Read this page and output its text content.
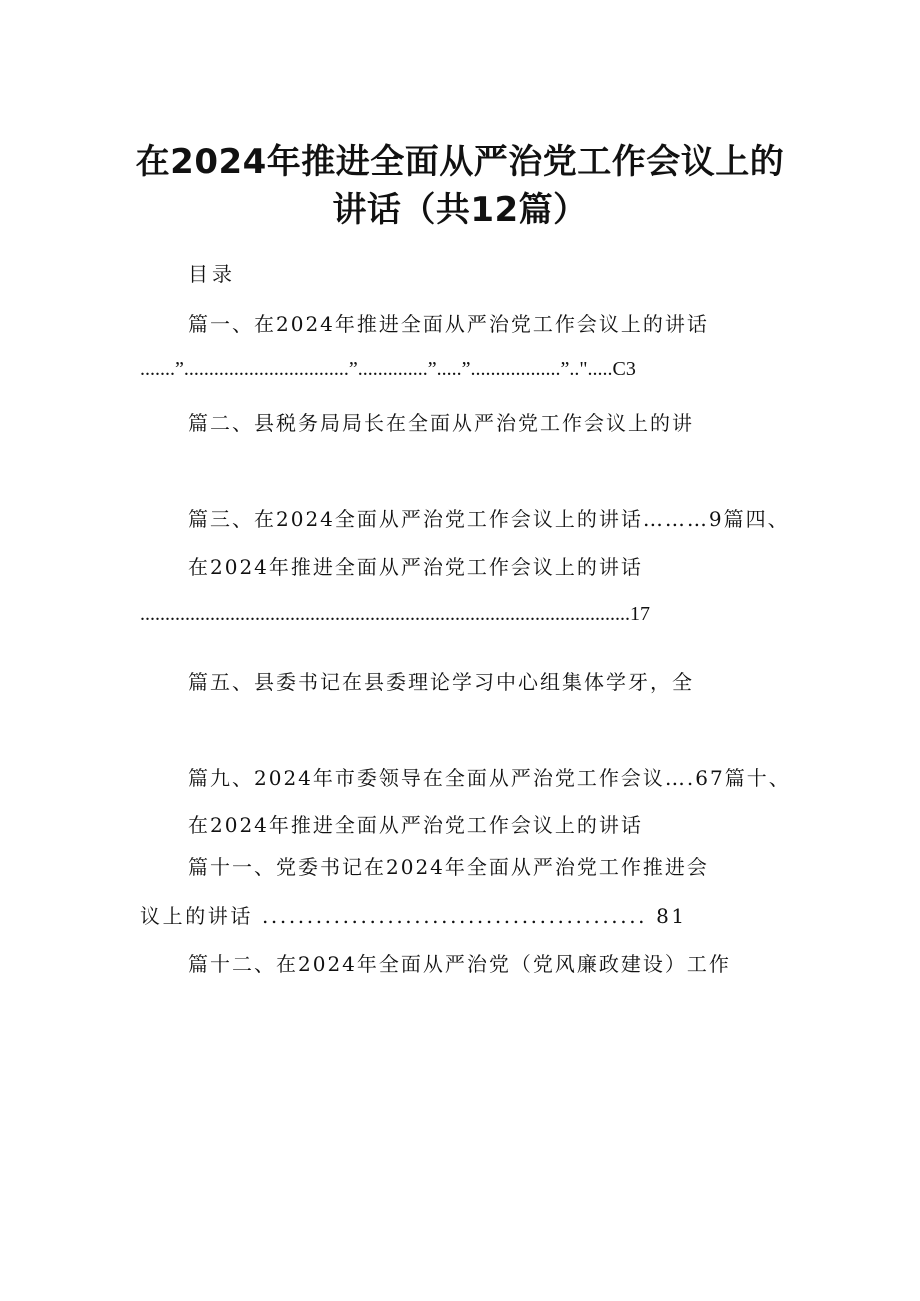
在2024年推进全面从严治党工作会议上的
讲话（共12篇）
目录
篇一、在2024年推进全面从严治党工作会议上的讲话
.......”.................................”..............”.....”..................”..".....C3
篇二、县税务局局长在全面从严治党工作会议上的讲
篇三、在2024全面从严治党工作会议上的讲话………9篇四、
在2024年推进全面从严治党工作会议上的讲话
..................................................................................................17
篇五、县委书记在县委理论学习中心组集体学牙，全
篇九、2024年市委领导在全面从严治党工作会议….67篇十、
在2024年推进全面从严治党工作会议上的讲话
篇十一、党委书记在2024年全面从严治党工作推进会
议上的讲话 ........................................... 81
篇十二、在2024年全面从严治党（党风廉政建设）工作
